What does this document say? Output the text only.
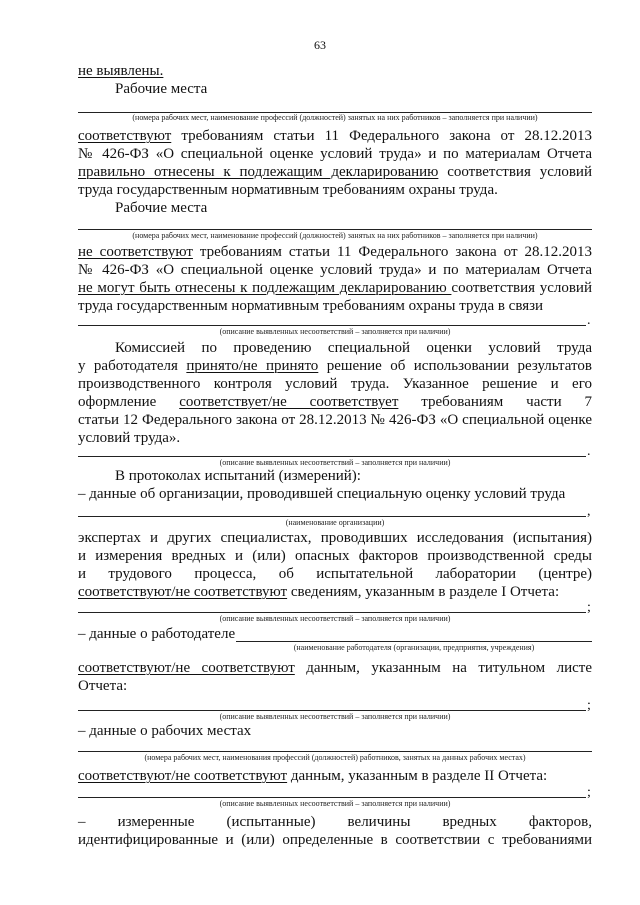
63
не выявлены.
Рабочие места
(номера рабочих мест, наименование профессий (должностей) занятых на них работников – заполняется при наличии)
соответствуют требованиям статьи 11 Федерального закона от 28.12.2013
№ 426-ФЗ «О специальной оценке условий труда» и по материалам Отчета
правильно отнесены к подлежащим декларированию соответствия условий
труда государственным нормативным требованиям охраны труда.
Рабочие места
(номера рабочих мест, наименование профессий (должностей) занятых на них работников – заполняется при наличии)
не соответствуют требованиям статьи 11 Федерального закона от 28.12.2013
№ 426-ФЗ «О специальной оценке условий труда» и по материалам Отчета
не могут быть отнесены к подлежащим декларированию соответствия условий
труда государственным нормативным требованиям охраны труда в связи
.
(описание выявленных несоответствий – заполняется при наличии)
Комиссией по проведению специальной оценки условий труда
у работодателя принято/не принято решение об использовании результатов
производственного контроля условий труда. Указанное решение и его
оформление соответствует/не соответствует требованиям части 7
статьи 12 Федерального закона от 28.12.2013 № 426-ФЗ «О специальной оценке
условий труда».
.
(описание выявленных несоответствий – заполняется при наличии)
В протоколах испытаний (измерений):
– данные об организации, проводившей специальную оценку условий труда
,
(наименование организации)
экспертах и других специалистах, проводивших исследования (испытания)
и измерения вредных и (или) опасных факторов производственной среды
и трудового процесса, об испытательной лаборатории (центре)
соответствуют/не соответствуют сведениям, указанным в разделе I Отчета:
;
(описание выявленных несоответствий – заполняется при наличии)
– данные о работодателе
(наименование работодателя (организации, предприятия, учреждения)
соответствуют/не соответствуют данным, указанным на титульном листе
Отчета:
;
(описание выявленных несоответствий – заполняется при наличии)
– данные о рабочих местах
(номера рабочих мест, наименования профессий (должностей) работников, занятых на данных рабочих местах)
соответствуют/не соответствуют данным, указанным в разделе II Отчета:
;
(описание выявленных несоответствий – заполняется при наличии)
– измеренные (испытанные) величины вредных факторов,
идентифицированные и (или) определенные в соответствии с требованиями
